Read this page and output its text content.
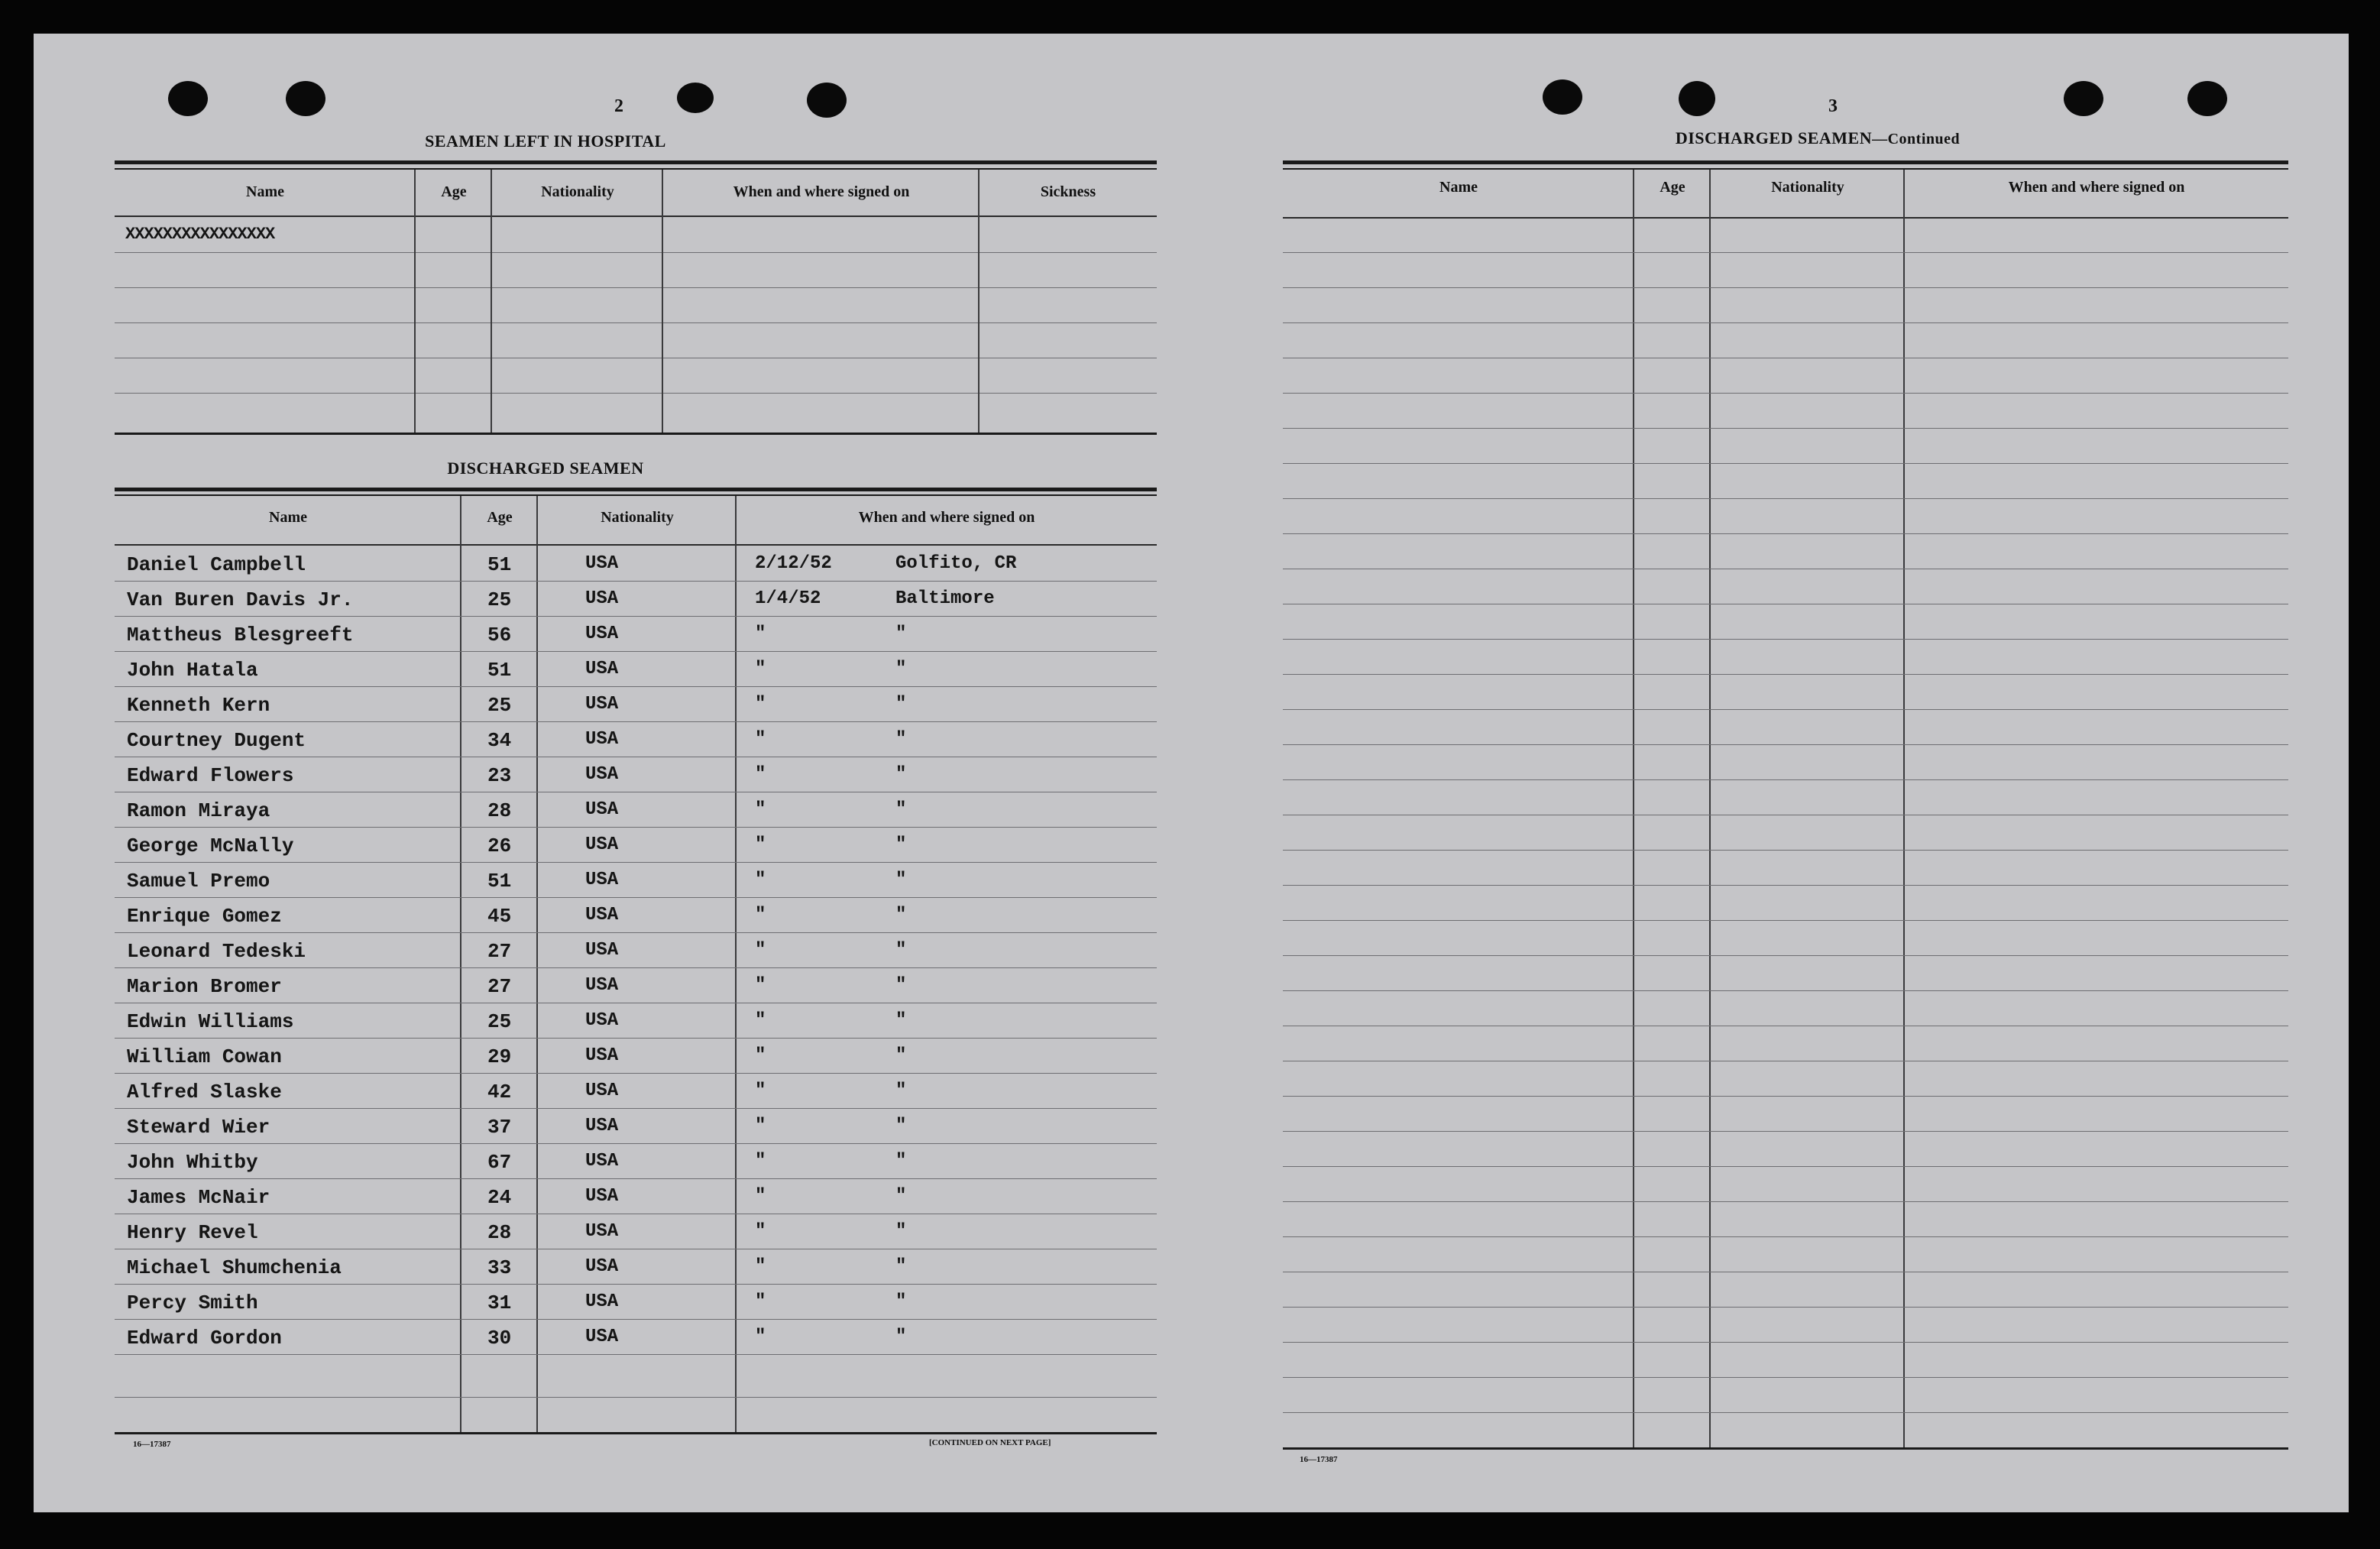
2
SEAMEN LEFT IN HOSPITAL
Name	Age	Nationality	When and where signed on	Sickness
XXXXXXXXXXXXXXXX
DISCHARGED SEAMEN
Name	Age	Nationality	When and where signed on
Daniel Campbell	51	USA	2/12/52	Golfito, CR
Van Buren Davis Jr.	25	USA	1/4/52	Baltimore
Mattheus Blesgreeft	56	USA	"	"
John Hatala	51	USA	"	"
Kenneth Kern	25	USA	"	"
Courtney Dugent	34	USA	"	"
Edward Flowers	23	USA	"	"
Ramon Miraya	28	USA	"	"
George McNally	26	USA	"	"
Samuel Premo	51	USA	"	"
Enrique Gomez	45	USA	"	"
Leonard Tedeski	27	USA	"	"
Marion Bromer	27	USA	"	"
Edwin Williams	25	USA	"	"
William Cowan	29	USA	"	"
Alfred Slaske	42	USA	"	"
Steward Wier	37	USA	"	"
John Whitby	67	USA	"	"
James McNair	24	USA	"	"
Henry Revel	28	USA	"	"
Michael Shumchenia	33	USA	"	"
Percy Smith	31	USA	"	"
Edward Gordon	30	USA	"	"
16—17387	[CONTINUED ON NEXT PAGE]
3
DISCHARGED SEAMEN—Continued
Name	Age	Nationality	When and where signed on
16—17387
